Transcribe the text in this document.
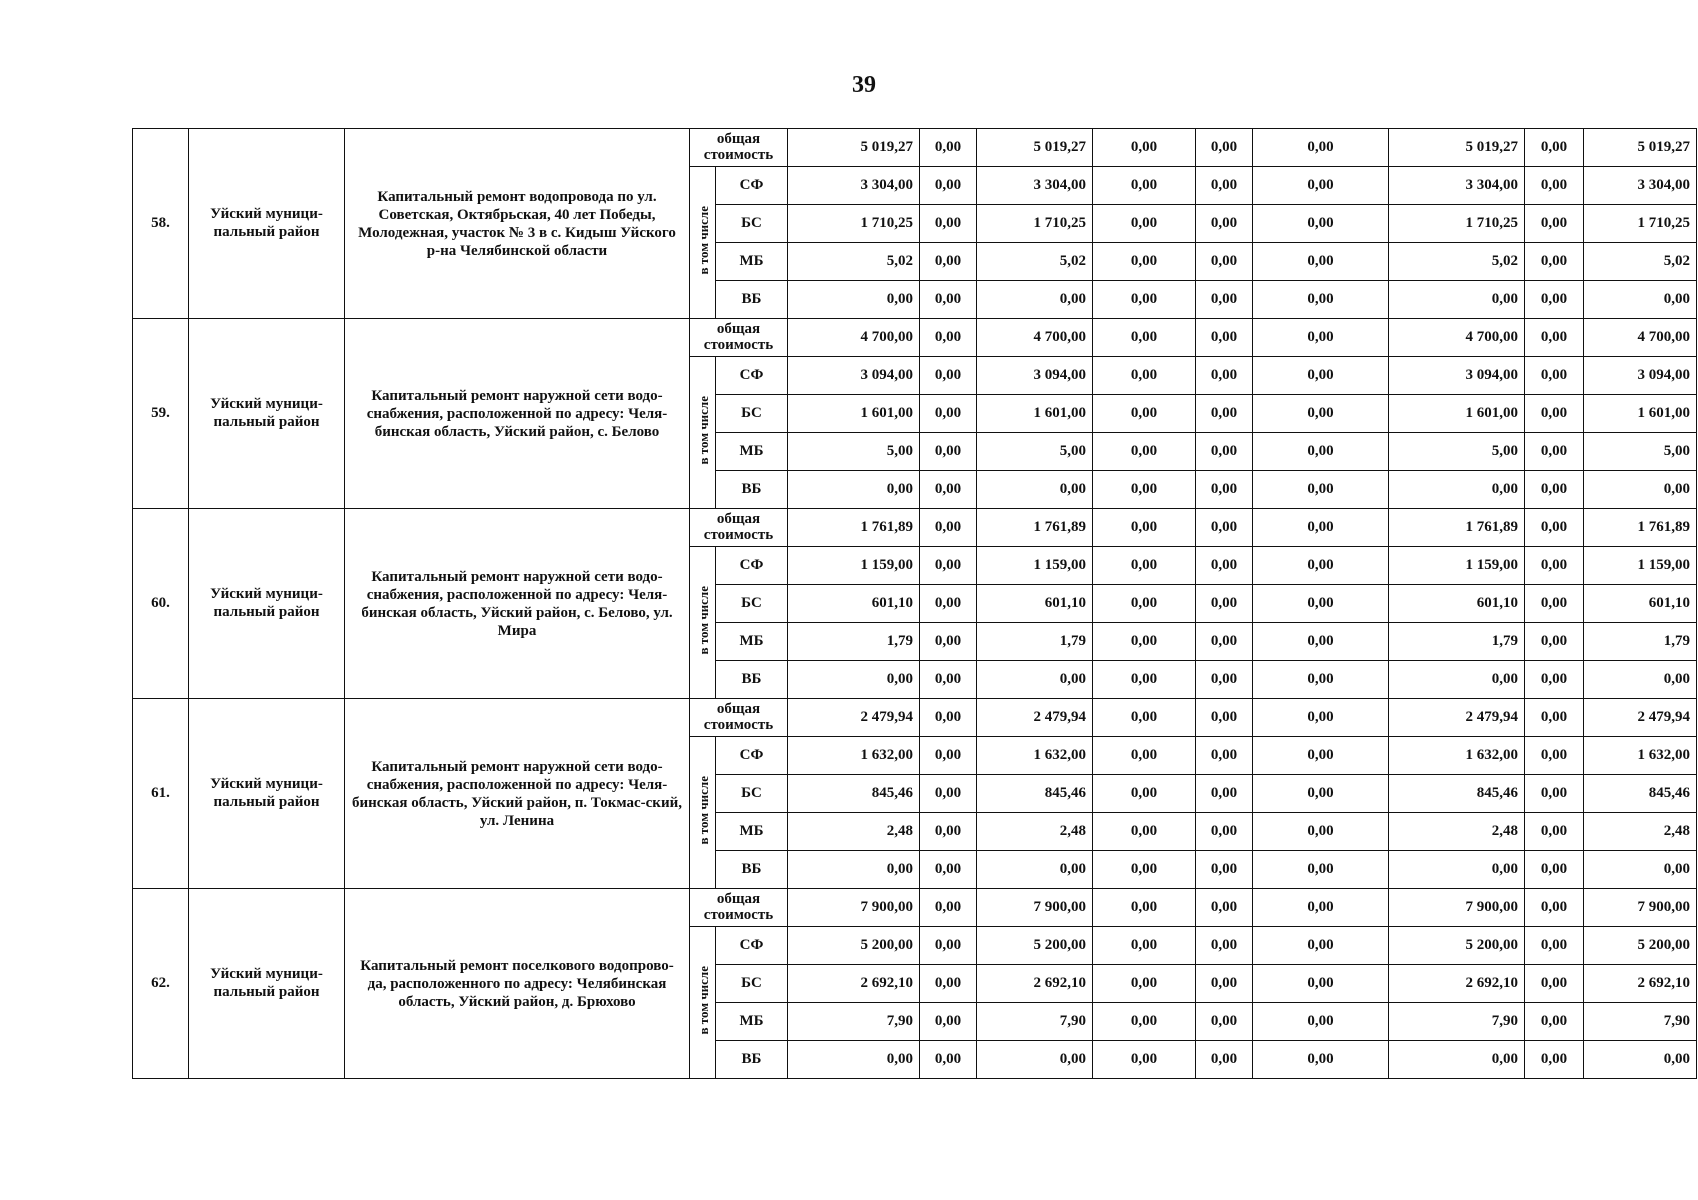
39
58.	Уйский муници-пальный район	Капитальный ремонт водопровода по ул. Советская, Октябрьская, 40 лет Победы, Молодежная, участок № 3 в с. Кидыш Уйского р-на Челябинской области	общая стоимость		5 019,27	0,00	5 019,27	0,00	0,00	0,00	5 019,27	0,00	5 019,27
			в том числе	СФ	3 304,00	0,00	3 304,00	0,00	0,00	0,00	3 304,00	0,00	3 304,00
				БС	1 710,25	0,00	1 710,25	0,00	0,00	0,00	1 710,25	0,00	1 710,25
				МБ	5,02	0,00	5,02	0,00	0,00	0,00	5,02	0,00	5,02
				ВБ	0,00	0,00	0,00	0,00	0,00	0,00	0,00	0,00	0,00
59.	Уйский муници-пальный район	Капитальный ремонт наружной сети водо-снабжения, расположенной по адресу: Челя-бинская область, Уйский район, с. Белово	общая стоимость		4 700,00	0,00	4 700,00	0,00	0,00	0,00	4 700,00	0,00	4 700,00
			в том числе	СФ	3 094,00	0,00	3 094,00	0,00	0,00	0,00	3 094,00	0,00	3 094,00
				БС	1 601,00	0,00	1 601,00	0,00	0,00	0,00	1 601,00	0,00	1 601,00
				МБ	5,00	0,00	5,00	0,00	0,00	0,00	5,00	0,00	5,00
				ВБ	0,00	0,00	0,00	0,00	0,00	0,00	0,00	0,00	0,00
60.	Уйский муници-пальный район	Капитальный ремонт наружной сети водо-снабжения, расположенной по адресу: Челя-бинская область, Уйский район, с. Белово, ул. Мира	общая стоимость		1 761,89	0,00	1 761,89	0,00	0,00	0,00	1 761,89	0,00	1 761,89
			в том числе	СФ	1 159,00	0,00	1 159,00	0,00	0,00	0,00	1 159,00	0,00	1 159,00
				БС	601,10	0,00	601,10	0,00	0,00	0,00	601,10	0,00	601,10
				МБ	1,79	0,00	1,79	0,00	0,00	0,00	1,79	0,00	1,79
				ВБ	0,00	0,00	0,00	0,00	0,00	0,00	0,00	0,00	0,00
61.	Уйский муници-пальный район	Капитальный ремонт наружной сети водо-снабжения, расположенной по адресу: Челя-бинская область, Уйский район, п. Токмас-ский, ул. Ленина	общая стоимость		2 479,94	0,00	2 479,94	0,00	0,00	0,00	2 479,94	0,00	2 479,94
			в том числе	СФ	1 632,00	0,00	1 632,00	0,00	0,00	0,00	1 632,00	0,00	1 632,00
				БС	845,46	0,00	845,46	0,00	0,00	0,00	845,46	0,00	845,46
				МБ	2,48	0,00	2,48	0,00	0,00	0,00	2,48	0,00	2,48
				ВБ	0,00	0,00	0,00	0,00	0,00	0,00	0,00	0,00	0,00
62.	Уйский муници-пальный район	Капитальный ремонт поселкового водопрово-да, расположенного по адресу: Челябинская область, Уйский район, д. Брюхово	общая стоимость		7 900,00	0,00	7 900,00	0,00	0,00	0,00	7 900,00	0,00	7 900,00
			в том числе	СФ	5 200,00	0,00	5 200,00	0,00	0,00	0,00	5 200,00	0,00	5 200,00
				БС	2 692,10	0,00	2 692,10	0,00	0,00	0,00	2 692,10	0,00	2 692,10
				МБ	7,90	0,00	7,90	0,00	0,00	0,00	7,90	0,00	7,90
				ВБ	0,00	0,00	0,00	0,00	0,00	0,00	0,00	0,00	0,00
